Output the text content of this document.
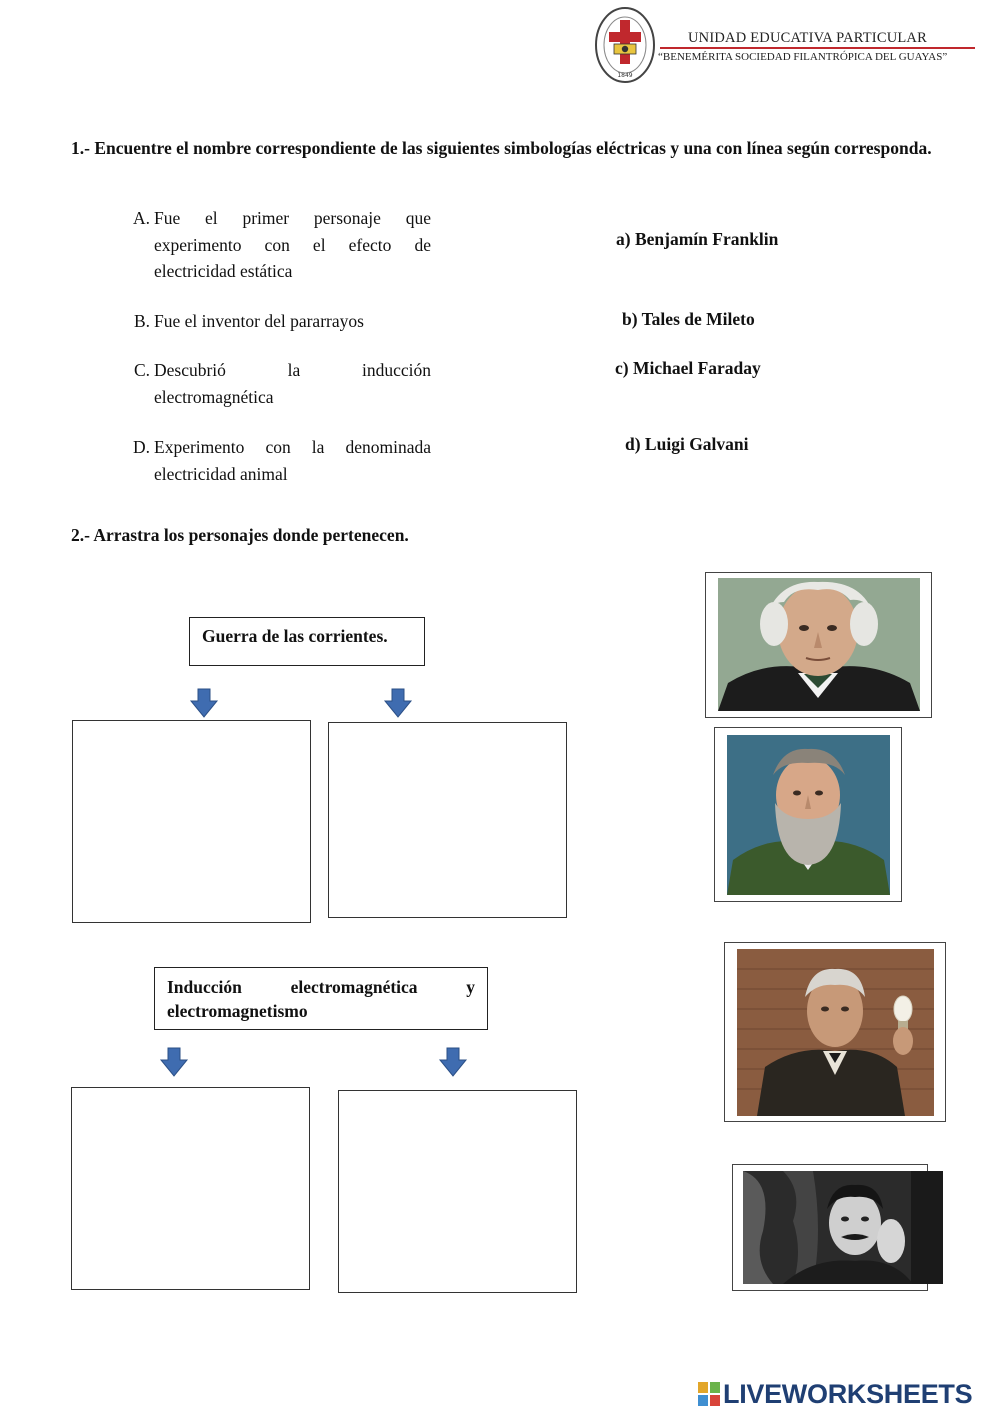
1849
UNIDAD EDUCATIVA PARTICULAR
“BENEMÉRITA SOCIEDAD FILANTRÓPICA DEL GUAYAS”
1.- Encuentre el nombre correspondiente de las siguientes simbologías eléctricas y una con línea según corresponda.
A. Fue el primer personaje que experimento con el efecto de electricidad estática
B. Fue el inventor del pararrayos
C. Descubrió la inducción electromagnética
D. Experimento con la denominada electricidad animal
a) Benjamín Franklin
b) Tales de Mileto
c) Michael Faraday
d) Luigi Galvani
2.- Arrastra los personajes donde pertenecen.
Guerra de las corrientes.
Inducción electromagnética y electromagnetismo
LIVEWORKSHEETS
